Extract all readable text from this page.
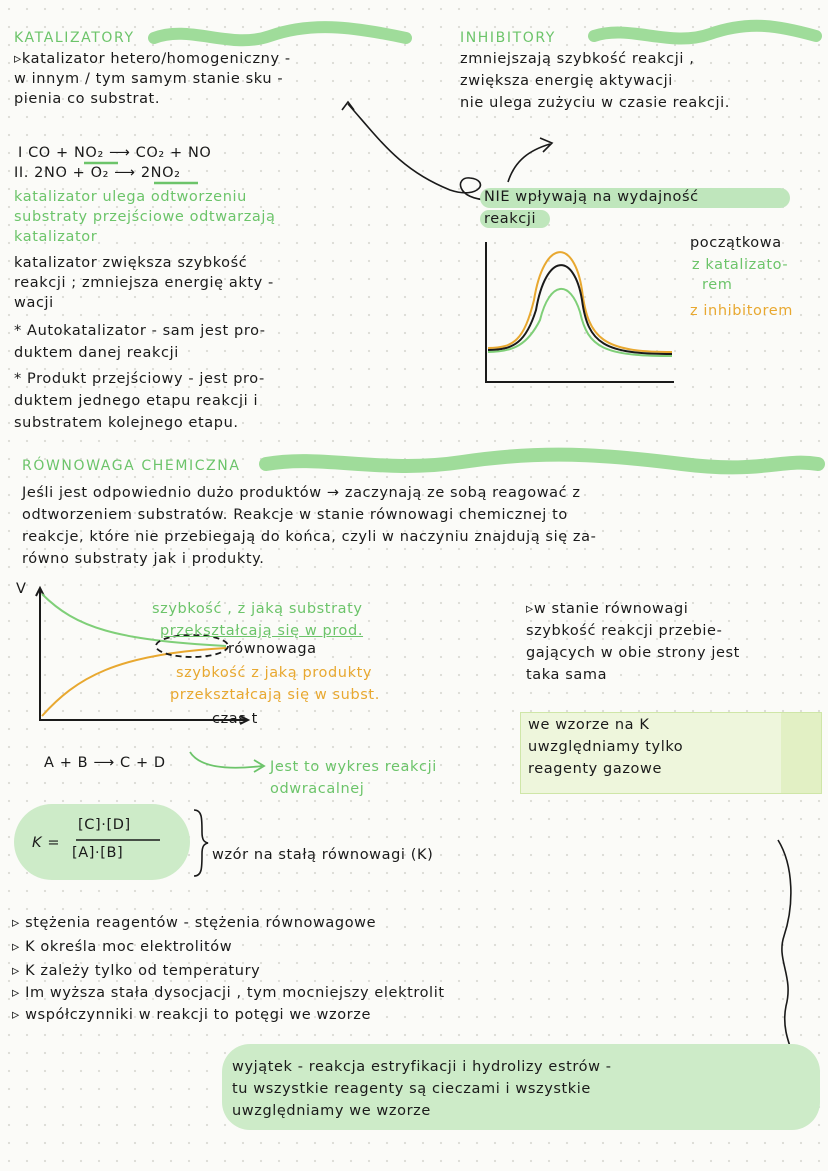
KATALIZATORY
▹katalizator hetero/homogeniczny -
w innym / tym samym stanie sku -
pienia co substrat.
I CO + NO₂ ⟶ CO₂ + NO
II. 2NO + O₂ ⟶ 2NO₂
katalizator ulega odtworzeniu
substraty przejściowe odtwarzają
katalizator
katalizator zwiększa szybkość
reakcji ; zmniejsza energię akty -
wacji
* Autokatalizator - sam jest pro-
duktem danej reakcji
* Produkt przejściowy - jest pro-
duktem jednego etapu reakcji i
substratem kolejnego etapu.
INHIBITORY
zmniejszają szybkość reakcji ,
zwiększa energię aktywacji
nie ulega zużyciu w czasie reakcji.
NIE wpływają na wydajność
reakcji
początkowa
z katalizato-
rem
z inhibitorem
RÓWNOWAGA CHEMICZNA
Jeśli jest odpowiednio dużo produktów → zaczynają ze sobą reagować z
odtworzeniem substratów. Reakcje w stanie równowagi chemicznej to
reakcje, które nie przebiegają do końca, czyli w naczyniu znajdują się za-
równo substraty jak i produkty.
V
szybkość , z jaką substraty
przekształcają się w prod.
równowaga
szybkość z jaką produkty
przekształcają się w subst.
czas t
A + B ⟶ C + D	Jest to wykres reakcji
odwracalnej
▹w stanie równowagi
szybkość reakcji przebie-
gających w obie strony jest
taka sama
we wzorze na K
uwzględniamy tylko
reagenty gazowe
K =
[C]·[D]
[A]·[B]	wzór na stałą równowagi (K)
▹ stężenia reagentów - stężenia równowagowe
▹ K określa moc elektrolitów
▹ K zależy tylko od temperatury
▹ Im wyższa stała dysocjacji , tym mocniejszy elektrolit
▹ współczynniki w reakcji to potęgi we wzorze
wyjątek - reakcja estryfikacji i hydrolizy estrów -
tu wszystkie reagenty są cieczami i wszystkie
uwzględniamy we wzorze
